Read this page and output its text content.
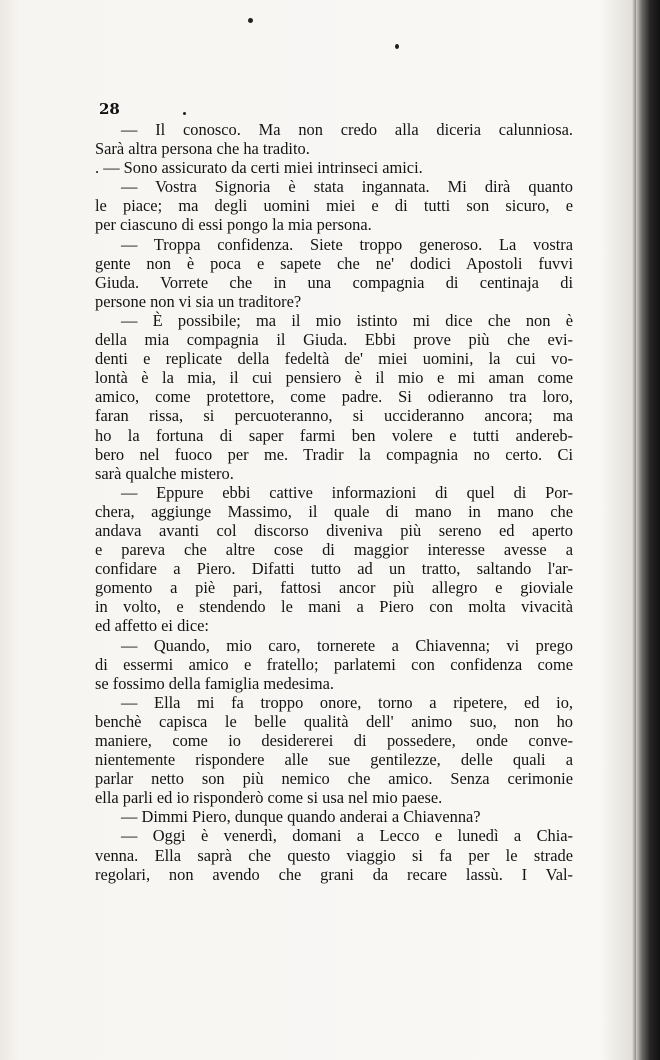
28
— Il conosco. Ma non credo alla diceria calunniosa.
Sarà altra persona che ha tradito.
. — Sono assicurato da certi miei intrinseci amici.
— Vostra Signoria è stata ingannata. Mi dirà quanto
le piace; ma degli uomini miei e di tutti son sicuro, e
per ciascuno di essi pongo la mia persona.
— Troppa confidenza. Siete troppo generoso. La vostra
gente non è poca e sapete che ne' dodici Apostoli fuvvi
Giuda. Vorrete che in una compagnia di centinaja di
persone non vi sia un traditore?
— È possibile; ma il mio istinto mi dice che non è
della mia compagnia il Giuda. Ebbi prove più che evi-
denti e replicate della fedeltà de' miei uomini, la cui vo-
lontà è la mia, il cui pensiero è il mio e mi aman come
amico, come protettore, come padre. Si odieranno tra loro,
faran rissa, si percuoteranno, si uccideranno ancora; ma
ho la fortuna di saper farmi ben volere e tutti andereb-
bero nel fuoco per me. Tradir la compagnia no certo. Ci
sarà qualche mistero.
— Eppure ebbi cattive informazioni di quel di Por-
chera, aggiunge Massimo, il quale di mano in mano che
andava avanti col discorso diveniva più sereno ed aperto
e pareva che altre cose di maggior interesse avesse a
confidare a Piero. Difatti tutto ad un tratto, saltando l'ar-
gomento a piè pari, fattosi ancor più allegro e gioviale
in volto, e stendendo le mani a Piero con molta vivacità
ed affetto ei dice:
— Quando, mio caro, tornerete a Chiavenna; vi prego
di essermi amico e fratello; parlatemi con confidenza come
se fossimo della famiglia medesima.
— Ella mi fa troppo onore, torno a ripetere, ed io,
benchè capisca le belle qualità dell' animo suo, non ho
maniere, come io desidererei di possedere, onde conve-
nientemente rispondere alle sue gentilezze, delle quali a
parlar netto son più nemico che amico. Senza cerimonie
ella parli ed io risponderò come si usa nel mio paese.
— Dimmi Piero, dunque quando anderai a Chiavenna?
— Oggi è venerdì, domani a Lecco e lunedì a Chia-
venna. Ella saprà che questo viaggio si fa per le strade
regolari, non avendo che grani da recare lassù. I Val-
